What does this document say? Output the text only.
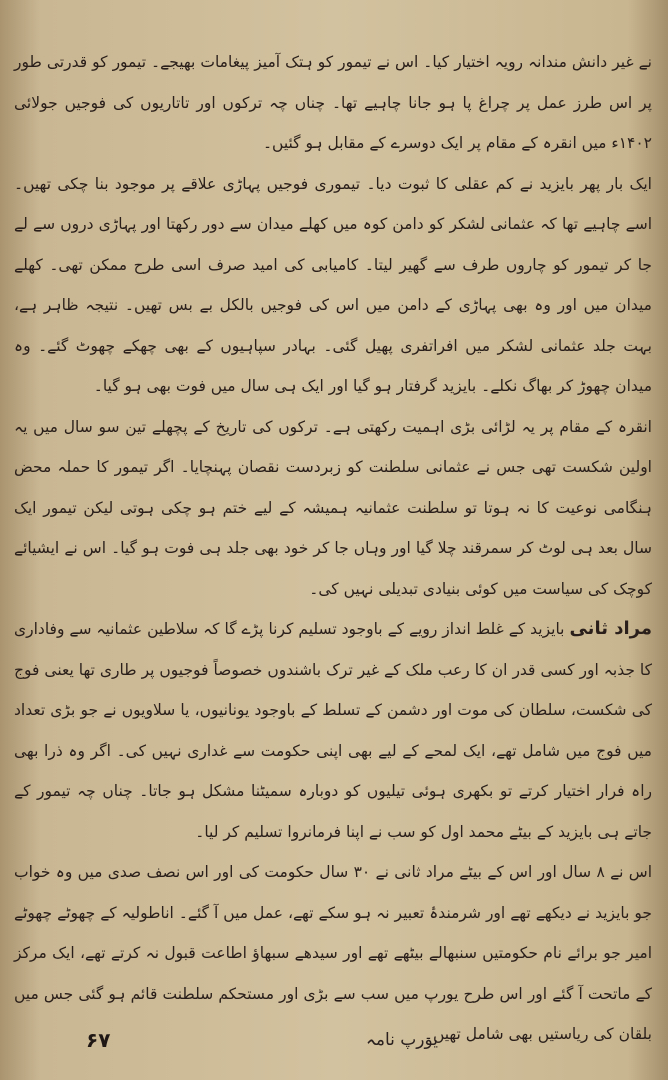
نے غیر دانش مندانہ رویہ اختیار کیا۔ اس نے تیمور کو ہتک آمیز پیغامات بھیجے۔ تیمور کو قدرتی طور پر اس طرز عمل پر چراغ پا ہو جانا چاہیے تھا۔ چناں چہ ترکوں اور تاتاریوں کی فوجیں جولائی ۱۴۰۲ء میں انقرہ کے مقام پر ایک دوسرے کے مقابل ہو گئیں۔

ایک بار پھر بایزید نے کم عقلی کا ثبوت دیا۔ تیموری فوجیں پہاڑی علاقے پر موجود بنا چکی تھیں۔ اسے چاہیے تھا کہ عثمانی لشکر کو دامن کوہ میں کھلے میدان سے دور رکھتا اور پہاڑی دروں سے لے جا کر تیمور کو چاروں طرف سے گھیر لیتا۔ کامیابی کی امید صرف اسی طرح ممکن تھی۔ کھلے میدان میں اور وہ بھی پہاڑی کے دامن میں اس کی فوجیں بالکل بے بس تھیں۔ نتیجہ ظاہر ہے، بہت جلد عثمانی لشکر میں افراتفری پھیل گئی۔ بہادر سپاہیوں کے بھی چھکے چھوٹ گئے۔ وہ میدان چھوڑ کر بھاگ نکلے۔ بایزید گرفتار ہو گیا اور ایک ہی سال میں فوت بھی ہو گیا۔

انقرہ کے مقام پر یہ لڑائی بڑی اہمیت رکھتی ہے۔ ترکوں کی تاریخ کے پچھلے تین سو سال میں یہ اولین شکست تھی جس نے عثمانی سلطنت کو زبردست نقصان پہنچایا۔ اگر تیمور کا حملہ محض ہنگامی نوعیت کا نہ ہوتا تو سلطنت عثمانیہ ہمیشہ کے لیے ختم ہو چکی ہوتی لیکن تیمور ایک سال بعد ہی لوٹ کر سمرقند چلا گیا اور وہاں جا کر خود بھی جلد ہی فوت ہو گیا۔ اس نے ایشیائے کوچک کی سیاست میں کوئی بنیادی تبدیلی نہیں کی۔

مراد ثانی بایزید کے غلط انداز رویے کے باوجود تسلیم کرنا پڑے گا کہ سلاطین عثمانیہ سے وفاداری کا جذبہ اور کسی قدر ان کا رعب ملک کے غیر ترک باشندوں خصوصاً فوجیوں پر طاری تھا یعنی فوج کی شکست، سلطان کی موت اور دشمن کے تسلط کے باوجود یونانیوں، یا سلاویوں نے جو بڑی تعداد میں فوج میں شامل تھے، ایک لمحے کے لیے بھی اپنی حکومت سے غداری نہیں کی۔ اگر وہ ذرا بھی راہ فرار اختیار کرتے تو بکھری ہوئی تیلیوں کو دوبارہ سمیٹنا مشکل ہو جاتا۔ چناں چہ تیمور کے جاتے ہی بایزید کے بیٹے محمد اول کو سب نے اپنا فرمانروا تسلیم کر لیا۔

اس نے ۸ سال اور اس کے بیٹے مراد ثانی نے ۳۰ سال حکومت کی اور اس نصف صدی میں وہ خواب جو بایزید نے دیکھے تھے اور شرمندۂ تعبیر نہ ہو سکے تھے، عمل میں آ گئے۔ اناطولیہ کے چھوٹے چھوٹے امیر جو برائے نام حکومتیں سنبھالے بیٹھے تھے اور سیدھے سبھاؤ اطاعت قبول نہ کرتے تھے، ایک مرکز کے ماتحت آ گئے اور اس طرح یورپ میں سب سے بڑی اور مستحکم سلطنت قائم ہو گئی جس میں بلقان کی ریاستیں بھی شامل تھیں۔

یورپ نامہ
۶۷
